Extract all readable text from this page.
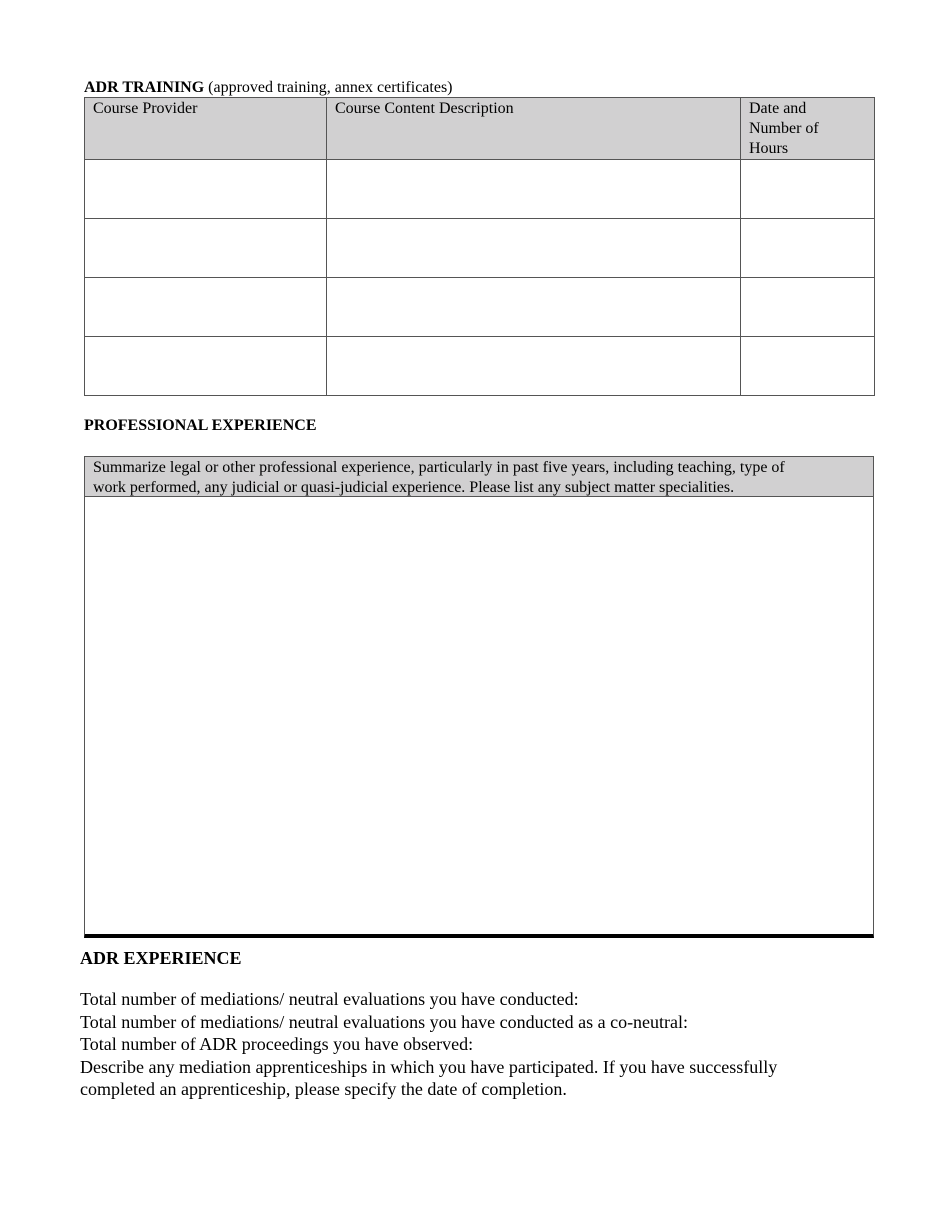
ADR TRAINING (approved training, annex certificates)
Course Provider	Course Content Description	Date and
Number of
Hours

PROFESSIONAL EXPERIENCE
Summarize legal or other professional experience, particularly in past five years, including teaching, type of
work performed, any judicial or quasi-judicial experience. Please list any subject matter specialities.
ADR EXPERIENCE
Total number of mediations/ neutral evaluations you have conducted:
Total number of mediations/ neutral evaluations you have conducted as a co-neutral:
Total number of ADR proceedings you have observed:
Describe any mediation apprenticeships in which you have participated. If you have successfully
completed an apprenticeship, please specify the date of completion.
